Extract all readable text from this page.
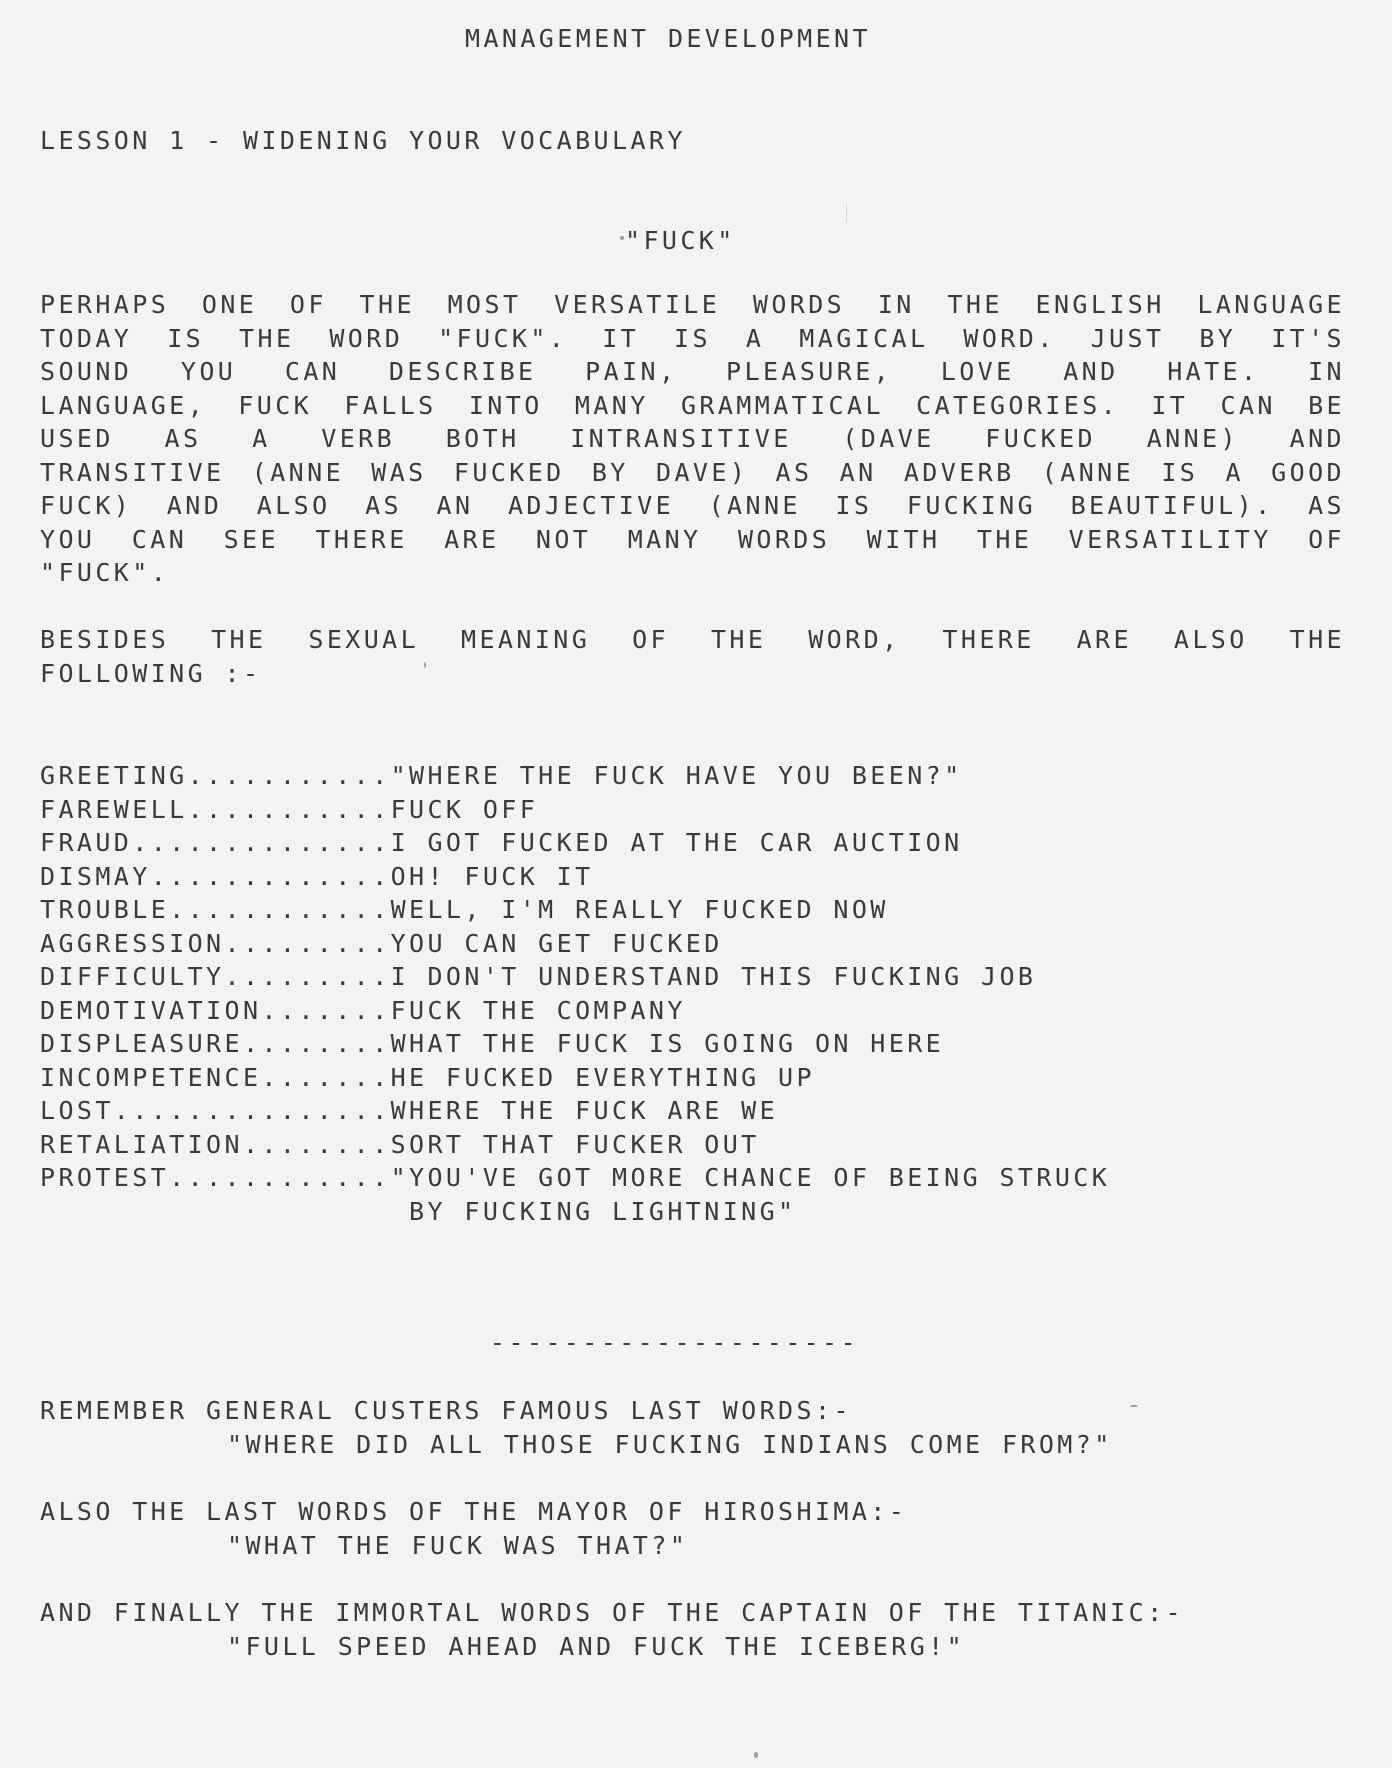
MANAGEMENT DEVELOPMENT
LESSON 1 - WIDENING YOUR VOCABULARY
"FUCK"
PERHAPS ONE OF THE MOST VERSATILE WORDS IN THE ENGLISH LANGUAGE
TODAY IS THE WORD "FUCK". IT IS A MAGICAL WORD. JUST BY IT'S
SOUND YOU CAN DESCRIBE PAIN, PLEASURE, LOVE AND HATE. IN
LANGUAGE, FUCK FALLS INTO MANY GRAMMATICAL CATEGORIES. IT CAN BE
USED AS A VERB BOTH INTRANSITIVE (DAVE FUCKED ANNE) AND
TRANSITIVE (ANNE WAS FUCKED BY DAVE) AS AN ADVERB (ANNE IS A GOOD
FUCK) AND ALSO AS AN ADJECTIVE (ANNE IS FUCKING BEAUTIFUL). AS
YOU CAN SEE THERE ARE NOT MANY WORDS WITH THE VERSATILITY OF
"FUCK".
BESIDES THE SEXUAL MEANING OF THE WORD, THERE ARE ALSO THE
FOLLOWING :-
GREETING..........."WHERE THE FUCK HAVE YOU BEEN?"
FAREWELL...........FUCK OFF
FRAUD..............I GOT FUCKED AT THE CAR AUCTION
DISMAY.............OH! FUCK IT
TROUBLE............WELL, I'M REALLY FUCKED NOW
AGGRESSION.........YOU CAN GET FUCKED
DIFFICULTY.........I DON'T UNDERSTAND THIS FUCKING JOB
DEMOTIVATION.......FUCK THE COMPANY
DISPLEASURE........WHAT THE FUCK IS GOING ON HERE
INCOMPETENCE.......HE FUCKED EVERYTHING UP
LOST...............WHERE THE FUCK ARE WE
RETALIATION........SORT THAT FUCKER OUT
PROTEST............"YOU'VE GOT MORE CHANCE OF BEING STRUCK
BY FUCKING LIGHTNING"
--------------------
REMEMBER GENERAL CUSTERS FAMOUS LAST WORDS:-
"WHERE DID ALL THOSE FUCKING INDIANS COME FROM?"
ALSO THE LAST WORDS OF THE MAYOR OF HIROSHIMA:-
"WHAT THE FUCK WAS THAT?"
AND FINALLY THE IMMORTAL WORDS OF THE CAPTAIN OF THE TITANIC:-
"FULL SPEED AHEAD AND FUCK THE ICEBERG!"
